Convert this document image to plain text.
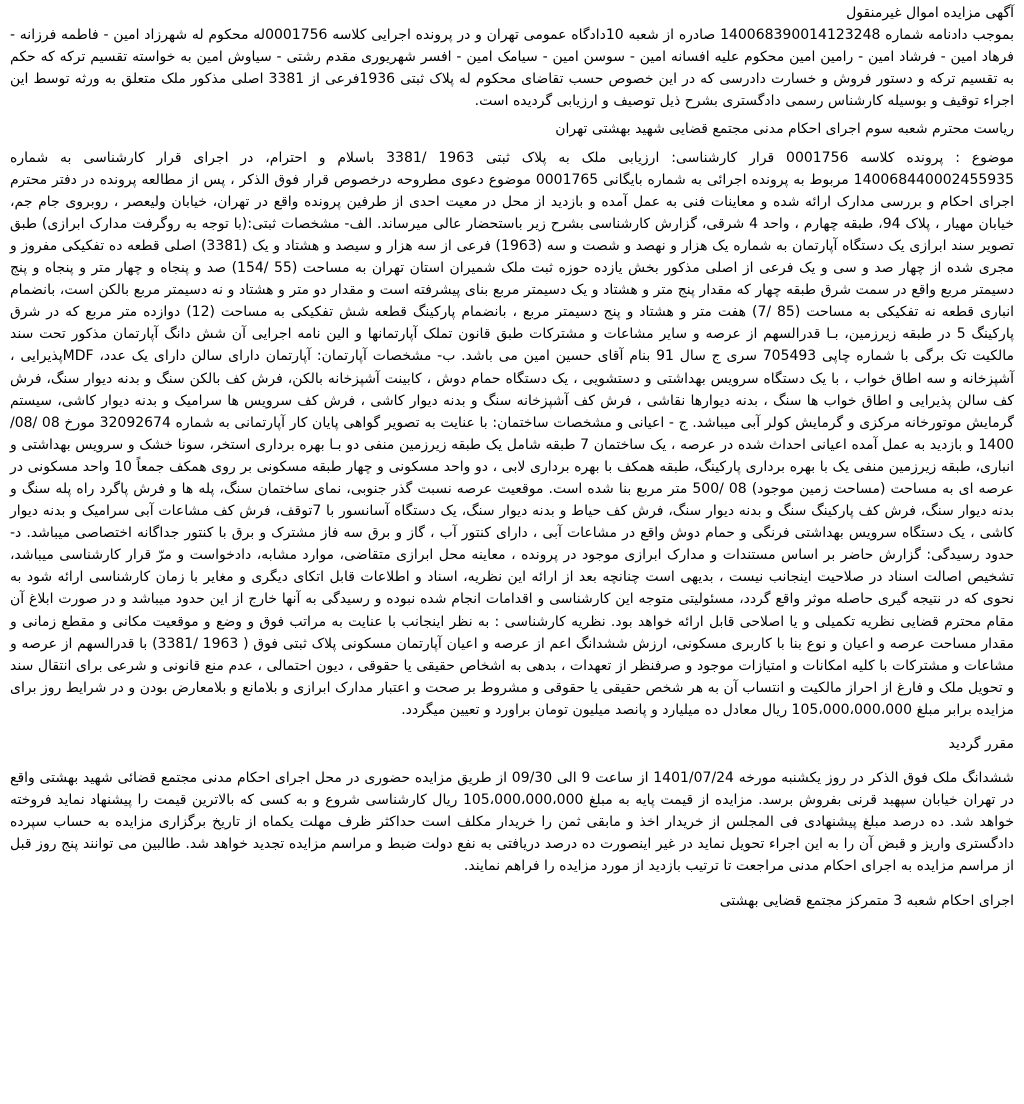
آگهی مزایده اموال غیرمنقول

بموجب دادنامه شماره 140068390014123248 صادره از شعبه 10دادگاه عمومی تهران و در پرونده اجرایی کلاسه 0001756له محکوم له شهرزاد امین - فاطمه فرزانه - فرهاد امین - فرشاد امین - رامین امین محکوم علیه افسانه امین - سوسن امین - سیامک امین - افسر شهریوری مقدم رشتی - سیاوش امین به خواسته تقسیم ترکه که حکم به تقسیم ترکه و دستور فروش و خسارت دادرسی که در این خصوص حسب تقاضای محکوم له پلاک ثبتی 1936فرعی از 3381 اصلی مذکور ملک متعلق به ورثه توسط این اجراء توقیف و بوسیله کارشناس رسمی دادگستری بشرح ذیل توصیف و ارزیابی گردیده است.

ریاست محترم شعبه سوم اجرای احکام مدنی مجتمع قضایی شهید بهشتی تهران

موضوع : پرونده کلاسه 0001756 قرار کارشناسی: ارزیابی ملک به پلاک ثبتی 1963 /3381 باسلام و احترام، در اجرای قرار کارشناسی به شماره 140068440002455935 مربوط به پرونده اجرائی به شماره بایگانی 0001765 موضوع دعوی مطروحه درخصوص قرار فوق الذکر ، پس از مطالعه پرونده در دفتر محترم اجرای احکام و بررسی مدارک ارائه شده و معاینات فنی به عمل آمده و بازدید از محل در معیت احدی از طرفین پرونده واقع در تهران، خیابان ولیعصر ، روبروی جام جم، خیابان مهیار ، پلاک 94، طبقه چهارم ، واحد 4 شرقی، گزارش کارشناسی بشرح زیر باستحضار عالی میرساند. الف- مشخصات ثبتی:(با توجه به روگرفت مدارک ابرازی) طبق تصویر سند ابرازی یک دستگاه آپارتمان به شماره یک هزار و نهصد و شصت و سه (1963) فرعی از سه هزار و سیصد و هشتاد و یک (3381) اصلی قطعه ده تفکیکی مفروز و مجری شده از چهار صد و سی و یک فرعی از اصلی مذکور بخش یازده حوزه ثبت ملک شمیران استان تهران به مساحت (55 /154) صد و پنجاه و چهار متر و پنجاه و پنج دسیمتر مربع واقع در سمت شرق طبقه چهار که مقدار پنج متر و هشتاد و یک دسیمتر مربع بنای پیشرفته است و مقدار دو متر و هشتاد و نه دسیمتر مربع بالکن است، بانضمام انباری قطعه نه تفکیکی به مساحت (85 /7) هفت متر و هشتاد و پنج دسیمتر مربع ، بانضمام پارکینگ قطعه شش تفکیکی به مساحت (12) دوازده متر مربع که در شرق پارکینگ 5 در طبقه زیرزمین، بـا قدرالسهم از عرصه و سایر مشاعات و مشترکات طبق قانون تملک آپارتمانها و الین نامه اجرایی آن شش دانگ آپارتمان مذکور تحت سند مالکیت تک برگی با شماره چاپی 705493 سری ج سال 91 بنام آقای حسین امین می باشد. ب- مشخصات آپارتمان: آپارتمان دارای سالن دارای یک عدد، MDFپذیرایی ، آشپزخانه و سه اطاق خواب ، با یک دستگاه سرویس بهداشتی و دستشویی ، یک دستگاه حمام دوش ، کابینت آشپزخانه بالکن، فرش کف بالکن سنگ و بدنه دیوار سنگ، فرش کف سالن پذیرایی و اطاق خواب ها سنگ ، بدنه دیوارها نقاشی ، فرش کف آشپزخانه سنگ و بدنه دیوار کاشی ، فرش کف سرویس ها سرامیک و بدنه دیوار کاشی، سیستم گرمایش موتورخانه مرکزی و گرمایش کولر آبی میباشد. ج - اعیانی و مشخصات ساختمان: با عنایت به تصویر گواهی پایان کار آپارتمانی به شماره 32092674 مورخ 08 /08/ 1400 و بازدید به عمل آمده اعیانی احداث شده در عرصه ، یک ساختمان 7 طبقه شامل یک طبقه زیرزمین منفی دو بـا بهره برداری استخر، سونا خشک و سرویس بهداشتی و انباری، طبقه زیرزمین منفی یک با بهره برداری پارکینگ، طبقه همکف با بهره برداری لابی ، دو واحد مسکونی و چهار طبقه مسکونی بر روی همکف جمعاً 10 واحد مسکونی در عرصه ای به مساحت (مساحت زمین موجود) 08 /500 متر مربع بنا شده است. موقعیت عرصه نسبت گذر جنوبی، نمای ساختمان سنگ، پله ها و فرش پاگرد راه پله سنگ و بدنه دیوار سنگ، فرش کف پارکینگ سنگ و بدنه دیوار سنگ، فرش کف حیاط و بدنه دیوار سنگ، یک دستگاه آسانسور با 7توقف، فرش کف مشاعات آبی سرامیک و بدنه دیوار کاشی ، یک دستگاه سرویس بهداشتی فرنگی و حمام دوش واقع در مشاعات آبی ، دارای کنتور آب ، گاز و برق سه فاز مشترک و برق با کنتور جداگانه اختصاصی میباشد. د- حدود رسیدگی: گزارش حاضر بر اساس مستندات و مدارک ابرازی موجود در پرونده ، معاینه محل ابرازی متقاضی، موارد مشابه، دادخواست و مرّ قرار کارشناسی میباشد، تشخیص اصالت اسناد در صلاحیت اینجانب نیست ، بدیهی است چنانچه بعد از ارائه این نظریه، اسناد و اطلاعات قابل اتکای دیگری و مغایر با زمان کارشناسی ارائه شود به نحوی که در نتیجه گیری حاصله موثر واقع گردد، مسئولیتی متوجه این کارشناسی و اقدامات انجام شده نبوده و رسیدگی به آنها خارج از این حدود میباشد و در صورت ابلاغ آن مقام محترم قضایی نظریه تکمیلی و یا اصلاحی قابل ارائه خواهد بود. نظریه کارشناسی : به نظر اینجانب با عنایت به مراتب فوق و وضع و موقعیت مکانی و مقطع زمانی و مقدار مساحت عرصه و اعیان و نوع بنا با کاربری مسکونی، ارزش ششدانگ اعم از عرصه و اعیان آپارتمان مسکونی پلاک ثبتی فوق ( 1963 /3381) با قدرالسهم از عرصه و مشاعات و مشترکات با کلیه امکانات و امتیازات موجود و صرفنظر از تعهدات ، بدهی به اشخاص حقیقی یا حقوقی ، دیون احتمالی ، عدم منع قانونی و شرعی برای انتقال سند و تحویل ملک و فارغ از احراز مالکیت و انتساب آن به هر شخص حقیقی یا حقوقی و مشروط بر صحت و اعتبار مدارک ابرازی و بلامانع و بلامعارض بودن و در شرایط روز برای مزایده برابر مبلغ 105،000،000،000 ریال معادل ده میلیارد و پانصد میلیون تومان براورد و تعیین میگردد.

مقرر گردید

ششدانگ ملک فوق الذکر در روز یکشنبه مورخه 1401/07/24 از ساعت 9 الی 09/30 از طریق مزایده حضوری در محل اجرای احکام مدنی مجتمع قضائی شهید بهشتی واقع در تهران خیابان سپهبد قرنی بفروش برسد. مزایده از قیمت پایه به مبلغ 105،000،000،000 ریال کارشناسی شروع و به کسی که بالاترین قیمت را پیشنهاد نماید فروخته خواهد شد. ده درصد مبلغ پیشنهادی فی المجلس از خریدار اخذ و مابقی ثمن را خریدار مکلف است حداکثر ظرف مهلت یکماه از تاریخ برگزاری مزایده به حساب سپرده دادگستری واریز و قبض آن را به این اجراء تحویل نماید در غیر اینصورت ده درصد دریافتی به نفع دولت ضبط و مراسم مزایده تجدید خواهد شد. طالبین می توانند پنج روز قبل از مراسم مزایده به اجرای احکام مدنی مراجعت تا ترتیب بازدید از مورد مزایده را فراهم نمایند.

اجرای احکام شعبه 3 متمرکز مجتمع قضایی بهشتی
